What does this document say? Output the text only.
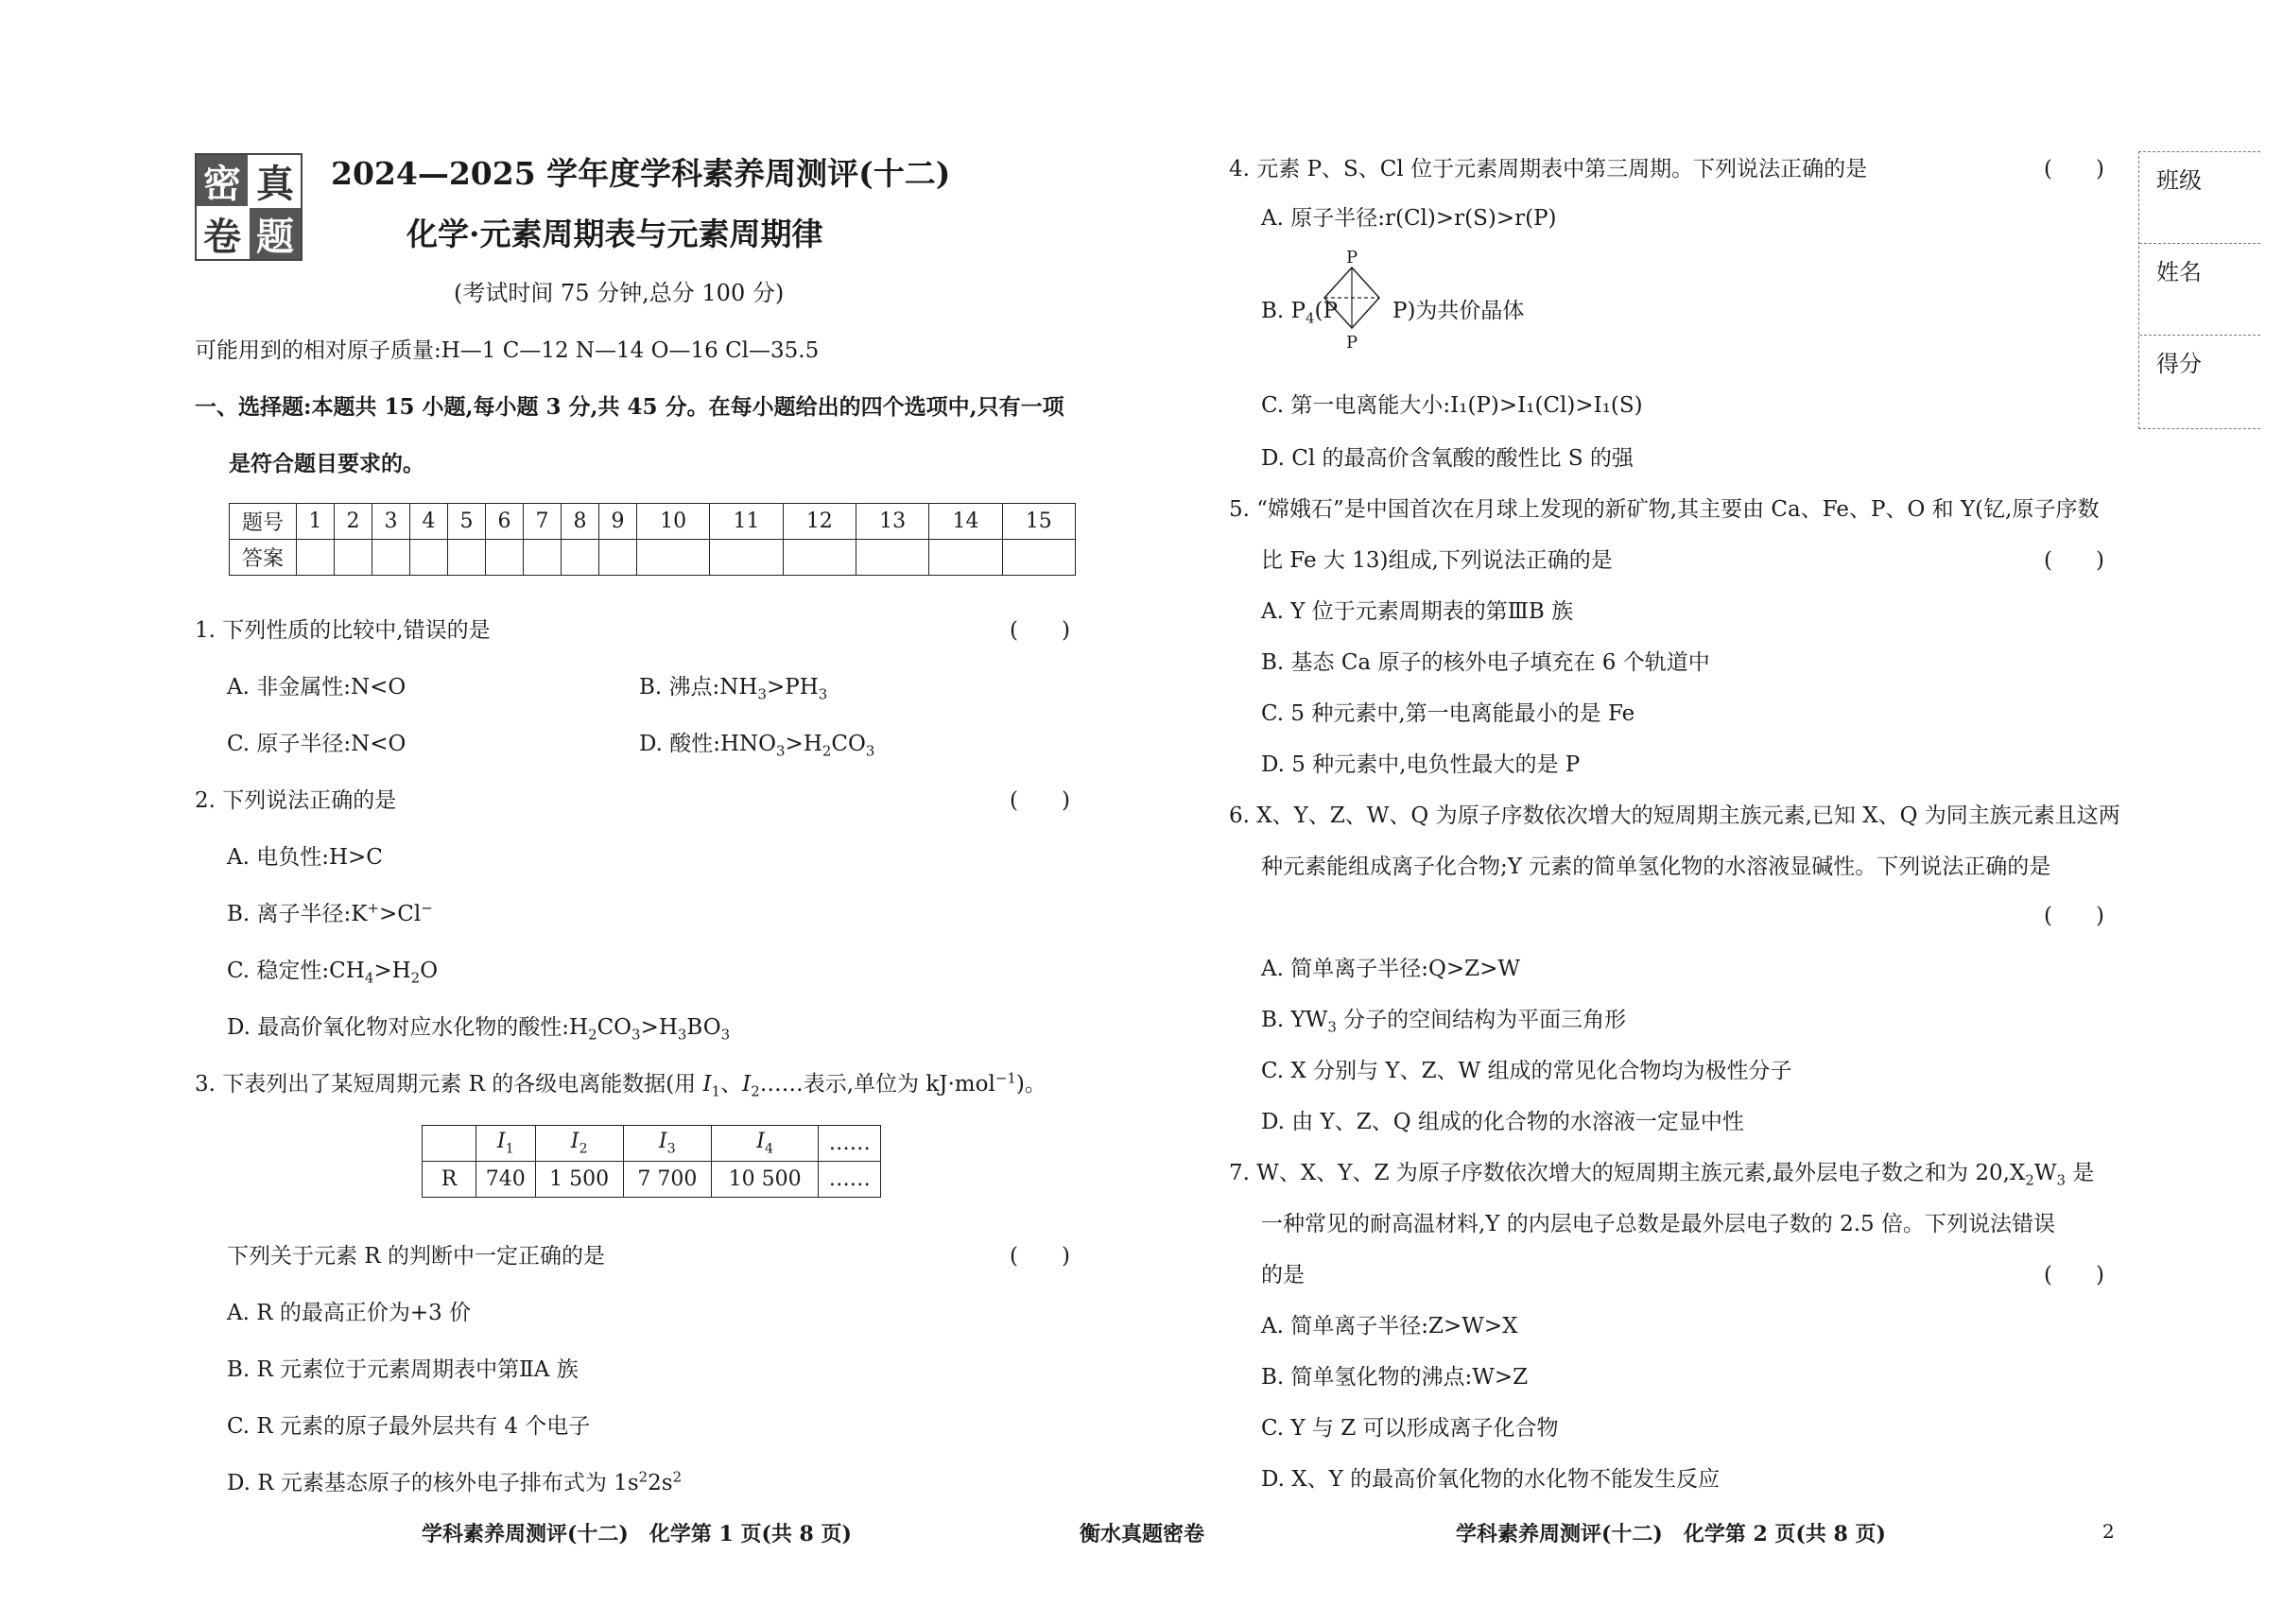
密 真
卷 题
2024—2025 学年度学科素养周测评(十二)
化学·元素周期表与元素周期律
(考试时间 75 分钟,总分 100 分)
可能用到的相对原子质量:H—1 C—12 N—14 O—16 Cl—35.5
一、选择题:本题共 15 小题,每小题 3 分,共 45 分。在每小题给出的四个选项中,只有一项
是符合题目要求的。
题号	1	2	3	4	5	6	7	8	9	10	11	12	13	14	15
答案															
1. 下列性质的比较中,错误的是	(　　)
A. 非金属性:N<O	B. 沸点$:NH_3>PH_3$
C. 原子半径:N<O	D. 酸性$:HNO_3>H_2CO_3$
2. 下列说法正确的是	(　　)
A. 电负性:H>C
B. 离子半径:K+>Cl−
C. 稳定性$:CH_4>H_2O$
D. 最高价氧化物对应水化物的酸性$:H_2CO_3>H_3BO_3$
3. 下表列出了某短周期元素 R 的各级电离能数据(用 $I_1$、$I_2\dots\dots$表示,单位为 kJ·mol$^{-1}$)。
	$I_1$	$I_2$	$I_3$	$I_4$	……
R	740	1 500	7 700	10 500	……
下列关于元素 R 的判断中一定正确的是	(　　)
A. R 的最高正价为+3 价
B. R 元素位于元素周期表中第ⅡA 族
C. R 元素的原子最外层共有 4 个电子
D. R 元素基态原子的核外电子排布式为 $1s^22s^2$
4. 元素 P、S、Cl 位于元素周期表中第三周期。下列说法正确的是	(　　)
A. 原子半径:r(Cl)>r(S)>r(P)
B. $P_4(P$	P)为共价晶体
P
P
C. 第一电离能大小:I₁(P)>I₁(Cl)>I₁(S)
D. Cl 的最高价含氧酸的酸性比 S 的强
5. “嫦娥石”是中国首次在月球上发现的新矿物,其主要由 Ca、Fe、P、O 和 Y(钇,原子序数
比 Fe 大 13)组成,下列说法正确的是	(　　)
A. Y 位于元素周期表的第ⅢB 族
B. 基态 Ca 原子的核外电子填充在 6 个轨道中
C. 5 种元素中,第一电离能最小的是 Fe
D. 5 种元素中,电负性最大的是 P
6. X、Y、Z、W、Q 为原子序数依次增大的短周期主族元素,已知 X、Q 为同主族元素且这两
种元素能组成离子化合物;Y 元素的简单氢化物的水溶液显碱性。下列说法正确的是
(　　)
A. 简单离子半径:Q>Z>W
B. $YW_3$ 分子的空间结构为平面三角形
C. X 分别与 Y、Z、W 组成的常见化合物均为极性分子
D. 由 Y、Z、Q 组成的化合物的水溶液一定显中性
7. W、X、Y、Z 为原子序数依次增大的短周期主族元素,最外层电子数之和为 $20,X_2W_3$ 是
一种常见的耐高温材料,Y 的内层电子总数是最外层电子数的 2.5 倍。下列说法错误
的是	(　　)
A. 简单离子半径:Z>W>X
B. 简单氢化物的沸点:W>Z
C. Y 与 Z 可以形成离子化合物
D. X、Y 的最高价氧化物的水化物不能发生反应
班级
姓名
得分
学科素养周测评(十二)　化学第 1 页(共 8 页)	衡水真题密卷	学科素养周测评(十二)　化学第 2 页(共 8 页)	2
